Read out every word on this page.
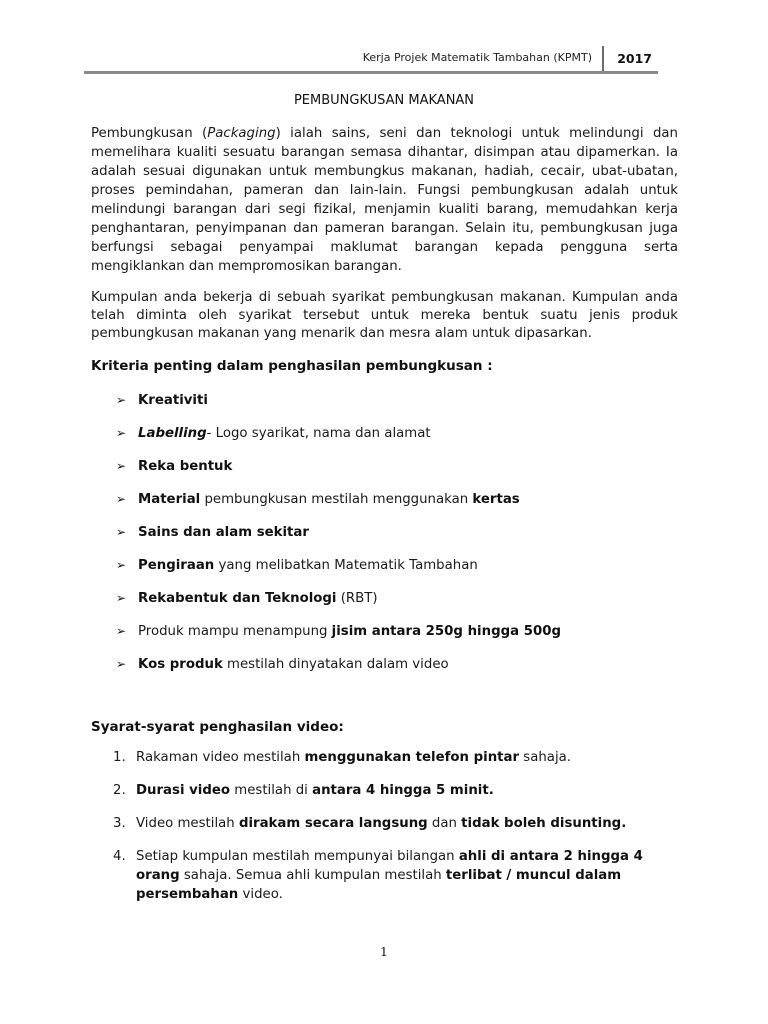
Kerja Projek Matematik Tambahan (KPMT) 2017
PEMBUNGKUSAN MAKANAN

Pembungkusan (Packaging) ialah sains, seni dan teknologi untuk melindungi dan memelihara kualiti sesuatu barangan semasa dihantar, disimpan atau dipamerkan. Ia adalah sesuai digunakan untuk membungkus makanan, hadiah, cecair, ubat-ubatan, proses pemindahan, pameran dan lain-lain. Fungsi pembungkusan adalah untuk melindungi barangan dari segi fizikal, menjamin kualiti barang, memudahkan kerja penghantaran, penyimpanan dan pameran barangan. Selain itu, pembungkusan juga berfungsi sebagai penyampai maklumat barangan kepada pengguna serta mengiklankan dan mempromosikan barangan.

Kumpulan anda bekerja di sebuah syarikat pembungkusan makanan. Kumpulan anda telah diminta oleh syarikat tersebut untuk mereka bentuk suatu jenis produk pembungkusan makanan yang menarik dan mesra alam untuk dipasarkan.

Kriteria penting dalam penghasilan pembungkusan :
➢ Kreativiti
➢ Labelling- Logo syarikat, nama dan alamat
➢ Reka bentuk
➢ Material pembungkusan mestilah menggunakan kertas
➢ Sains dan alam sekitar
➢ Pengiraan yang melibatkan Matematik Tambahan
➢ Rekabentuk dan Teknologi (RBT)
➢ Produk mampu menampung jisim antara 250g hingga 500g
➢ Kos produk mestilah dinyatakan dalam video
Syarat-syarat penghasilan video:
1. Rakaman video mestilah menggunakan telefon pintar sahaja.
2. Durasi video mestilah di antara 4 hingga 5 minit.
3. Video mestilah dirakam secara langsung dan tidak boleh disunting.
4. Setiap kumpulan mestilah mempunyai bilangan ahli di antara 2 hingga 4 orang sahaja. Semua ahli kumpulan mestilah terlibat / muncul dalam persembahan video.
1
